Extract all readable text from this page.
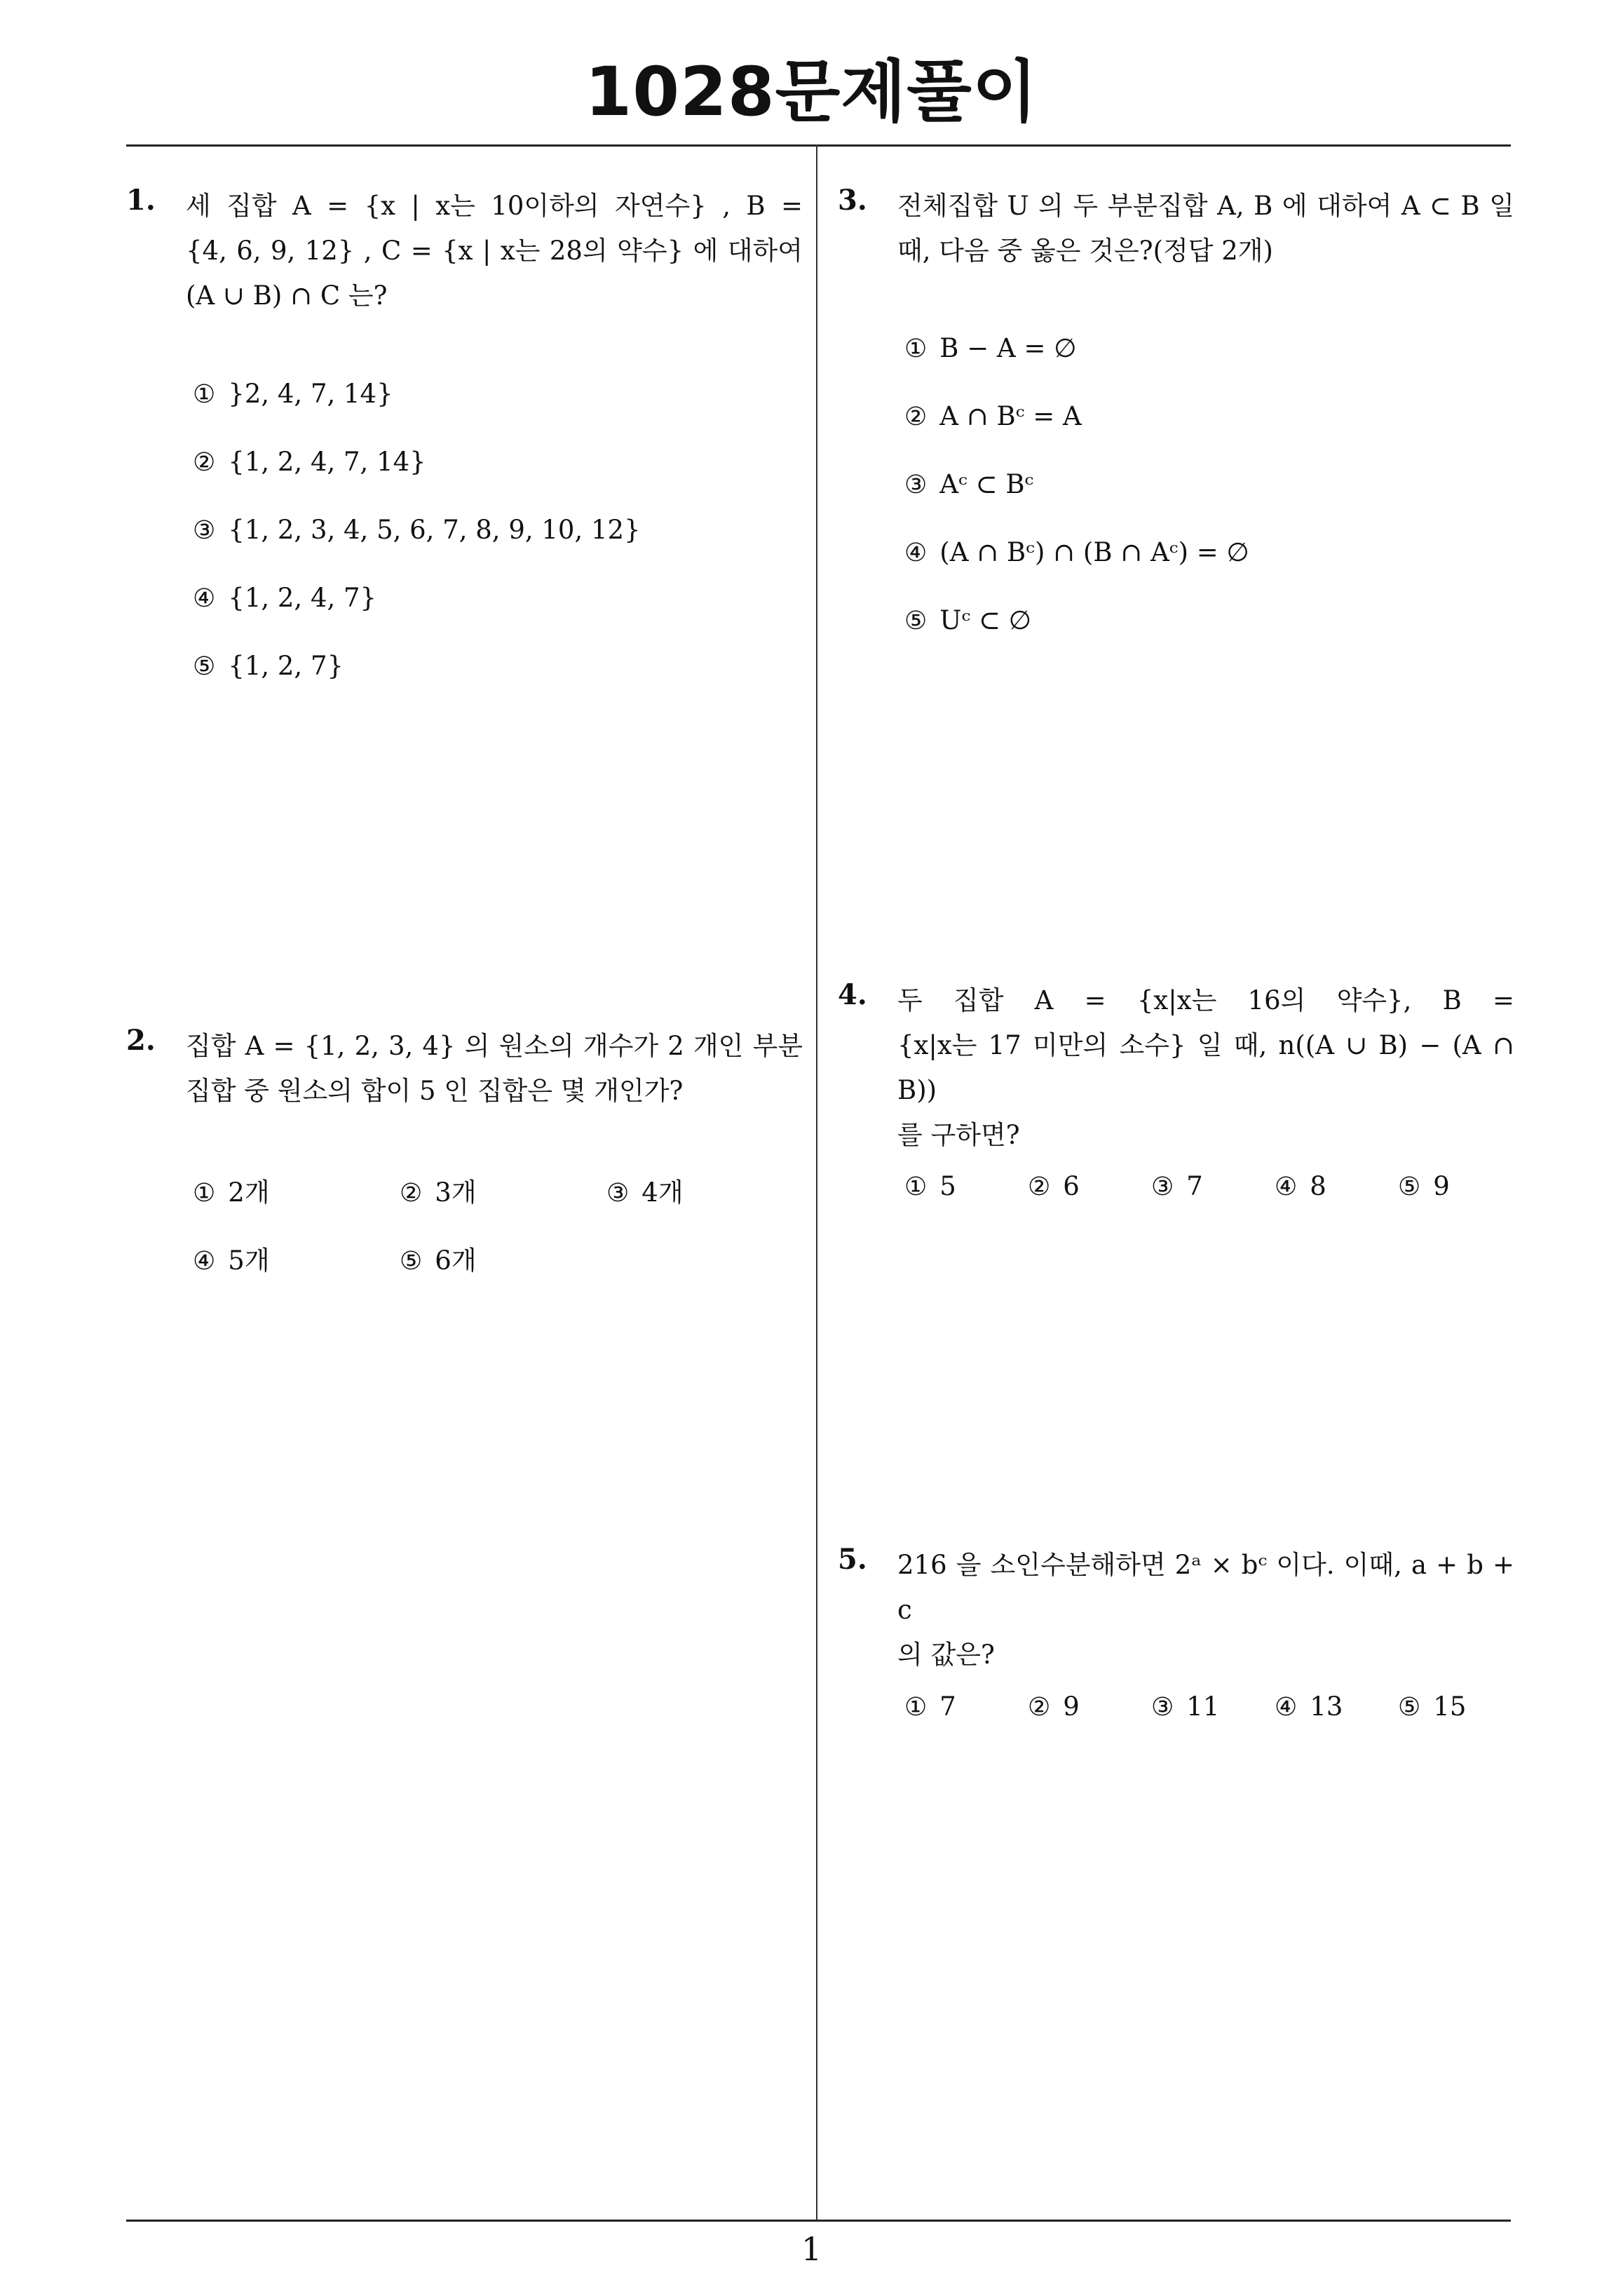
1028문제풀이
1. 세 집합 A = {x | x는 10이하의 자연수} , B =
{4, 6, 9, 12} , C = {x | x는 28의 약수} 에 대하여
(A ∪ B) ∩ C 는?
① }2, 4, 7, 14}
② {1, 2, 4, 7, 14}
③ {1, 2, 3, 4, 5, 6, 7, 8, 9, 10, 12}
④ {1, 2, 4, 7}
⑤ {1, 2, 7}
2. 집합 A = {1, 2, 3, 4} 의 원소의 개수가 2 개인 부분
집합 중 원소의 합이 5 인 집합은 몇 개인가?
① 2개	② 3개	③ 4개
④ 5개	⑤ 6개
3. 전체집합 U 의 두 부분집합 A, B 에 대하여 A ⊂ B 일
때, 다음 중 옳은 것은?(정답 2개)
① B − A = ∅
② A ∩ Bᶜ = A
③ Aᶜ ⊂ Bᶜ
④ (A ∩ Bᶜ) ∩ (B ∩ Aᶜ) = ∅
⑤ Uᶜ ⊂ ∅
4. 두 집합 A = {x|x는 16의 약수}, B =
{x|x는 17 미만의 소수} 일 때, n((A ∪ B) − (A ∩ B))
를 구하면?
① 5	② 6	③ 7	④ 8	⑤ 9
5. 216 을 소인수분해하면 2ᵃ × bᶜ 이다. 이때, a + b + c
의 값은?
① 7	② 9	③ 11 ④ 13 ⑤ 15
1
